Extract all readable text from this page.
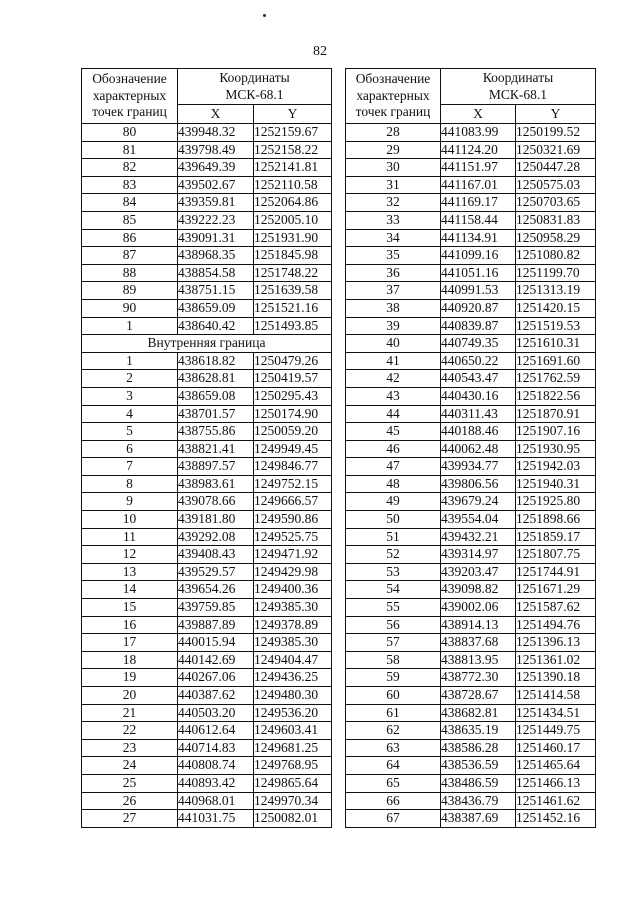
82
Обозначение характерных точек границ	Координаты МСК-68.1	
	X	Y
80	439948.32	1252159.67
81	439798.49	1252158.22
82	439649.39	1252141.81
83	439502.67	1252110.58
84	439359.81	1252064.86
85	439222.23	1252005.10
86	439091.31	1251931.90
87	438968.35	1251845.98
88	438854.58	1251748.22
89	438751.15	1251639.58
90	438659.09	1251521.16
1	438640.42	1251493.85
Внутренняя граница		
1	438618.82	1250479.26
2	438628.81	1250419.57
3	438659.08	1250295.43
4	438701.57	1250174.90
5	438755.86	1250059.20
6	438821.41	1249949.45
7	438897.57	1249846.77
8	438983.61	1249752.15
9	439078.66	1249666.57
10	439181.80	1249590.86
11	439292.08	1249525.75
12	439408.43	1249471.92
13	439529.57	1249429.98
14	439654.26	1249400.36
15	439759.85	1249385.30
16	439887.89	1249378.89
17	440015.94	1249385.30
18	440142.69	1249404.47
19	440267.06	1249436.25
20	440387.62	1249480.30
21	440503.20	1249536.20
22	440612.64	1249603.41
23	440714.83	1249681.25
24	440808.74	1249768.95
25	440893.42	1249865.64
26	440968.01	1249970.34
27	441031.75	1250082.01
Обозначение характерных точек границ	Координаты МСК-68.1	
	X	Y
28	441083.99	1250199.52
29	441124.20	1250321.69
30	441151.97	1250447.28
31	441167.01	1250575.03
32	441169.17	1250703.65
33	441158.44	1250831.83
34	441134.91	1250958.29
35	441099.16	1251080.82
36	441051.16	1251199.70
37	440991.53	1251313.19
38	440920.87	1251420.15
39	440839.87	1251519.53
40	440749.35	1251610.31
41	440650.22	1251691.60
42	440543.47	1251762.59
43	440430.16	1251822.56
44	440311.43	1251870.91
45	440188.46	1251907.16
46	440062.48	1251930.95
47	439934.77	1251942.03
48	439806.56	1251940.31
49	439679.24	1251925.80
50	439554.04	1251898.66
51	439432.21	1251859.17
52	439314.97	1251807.75
53	439203.47	1251744.91
54	439098.82	1251671.29
55	439002.06	1251587.62
56	438914.13	1251494.76
57	438837.68	1251396.13
58	438813.95	1251361.02
59	438772.30	1251390.18
60	438728.67	1251414.58
61	438682.81	1251434.51
62	438635.19	1251449.75
63	438586.28	1251460.17
64	438536.59	1251465.64
65	438486.59	1251466.13
66	438436.79	1251461.62
67	438387.69	1251452.16
